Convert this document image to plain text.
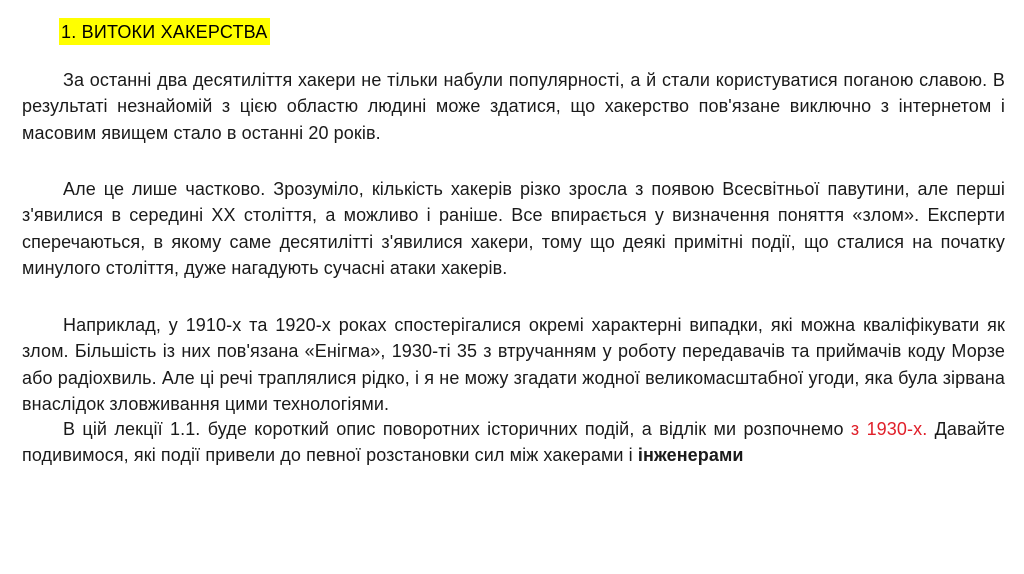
1. ВИТОКИ ХАКЕРСТВА

За останні два десятиліття хакери не тільки набули популярності, а й стали користуватися поганою славою. В результаті незнайомій з цією областю людині може здатися, що хакерство пов'язане виключно з інтернетом і масовим явищем стало в останні 20 років.

Але це лише частково. Зрозуміло, кількість хакерів різко зросла з появою Всесвітньої павутини, але перші з'явилися в середині XX століття, а можливо і раніше. Все впирається у визначення поняття «злом». Експерти сперечаються, в якому саме десятилітті з'явилися хакери, тому що деякі примітні події, що сталися на початку минулого століття, дуже нагадують сучасні атаки хакерів.

Наприклад, у 1910-х та 1920-х роках спостерігалися окремі характерні випадки, які можна кваліфікувати як злом. Більшість із них пов'язана «Енігма», 1930-ті 35 з втручанням у роботу передавачів та приймачів коду Морзе або радіохвиль. Але ці речі траплялися рідко, і я не можу згадати жодної великомасштабної угоди, яка була зірвана внаслідок зловживання цими технологіями.

В цій лекції 1.1. буде короткий опис поворотних історичних подій, а відлік ми розпочнемо з 1930-х. Давайте подивимося, які події привели до певної розстановки сил між хакерами і інженерами
